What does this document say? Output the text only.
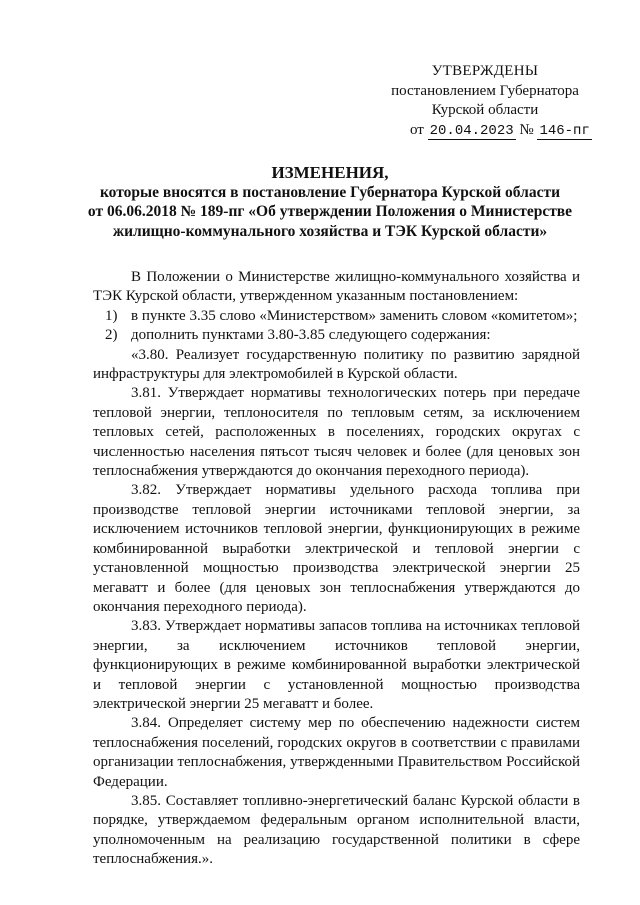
УТВЕРЖДЕНЫ
постановлением Губернатора
Курской области
от 20.04.2023 № 146-пг
ИЗМЕНЕНИЯ,
которые вносятся в постановление Губернатора Курской области
от 06.06.2018 № 189-пг «Об утверждении Положения о Министерстве
жилищно-коммунального хозяйства и ТЭК Курской области»

В Положении о Министерстве жилищно-коммунального хозяйства и ТЭК Курской области, утвержденном указанным постановлением:

1) в пункте 3.35 слово «Министерством» заменить словом «комитетом»;

2) дополнить пунктами 3.80-3.85 следующего содержания:

«3.80. Реализует государственную политику по развитию зарядной инфраструктуры для электромобилей в Курской области.

3.81. Утверждает нормативы технологических потерь при передаче тепловой энергии, теплоносителя по тепловым сетям, за исключением тепловых сетей, расположенных в поселениях, городских округах с численностью населения пятьсот тысяч человек и более (для ценовых зон теплоснабжения утверждаются до окончания переходного периода).

3.82. Утверждает нормативы удельного расхода топлива при производстве тепловой энергии источниками тепловой энергии, за исключением источников тепловой энергии, функционирующих в режиме комбинированной выработки электрической и тепловой энергии с установленной мощностью производства электрической энергии 25 мегаватт и более (для ценовых зон теплоснабжения утверждаются до окончания переходного периода).

3.83. Утверждает нормативы запасов топлива на источниках тепловой энергии, за исключением источников тепловой энергии, функционирующих в режиме комбинированной выработки электрической и тепловой энергии с установленной мощностью производства электрической энергии 25 мегаватт и более.

3.84. Определяет систему мер по обеспечению надежности систем теплоснабжения поселений, городских округов в соответствии с правилами организации теплоснабжения, утвержденными Правительством Российской Федерации.

3.85. Составляет топливно-энергетический баланс Курской области в порядке, утверждаемом федеральным органом исполнительной власти, уполномоченным на реализацию государственной политики в сфере теплоснабжения.».
